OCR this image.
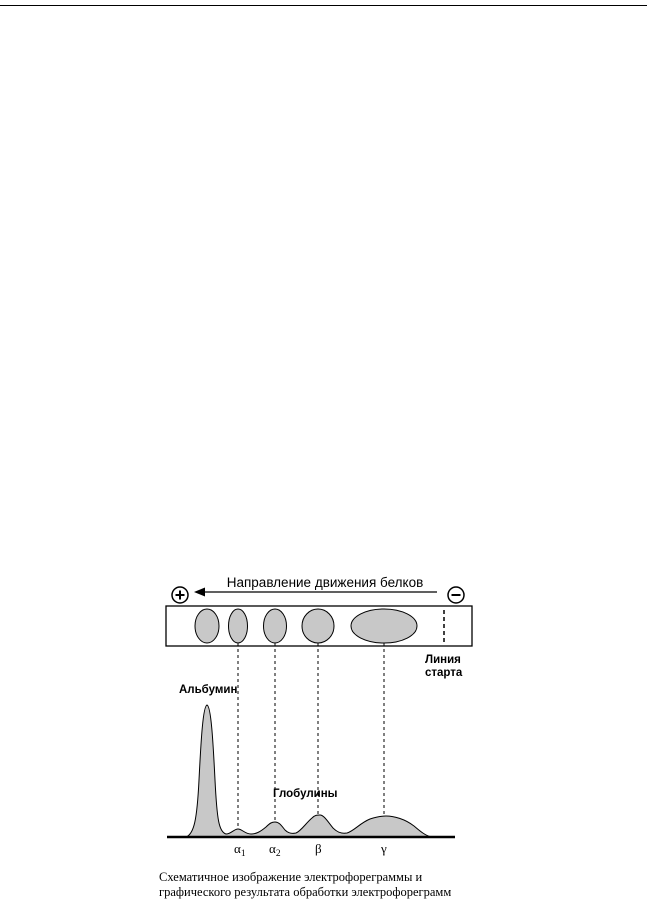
Направление движения белков
Линия старта
Альбумин
Глобулины
$\alpha_1$ $\alpha_2$	β	γ
Схематичное изображение электрофореграммы и
графического результата обработки электрофореграмм
